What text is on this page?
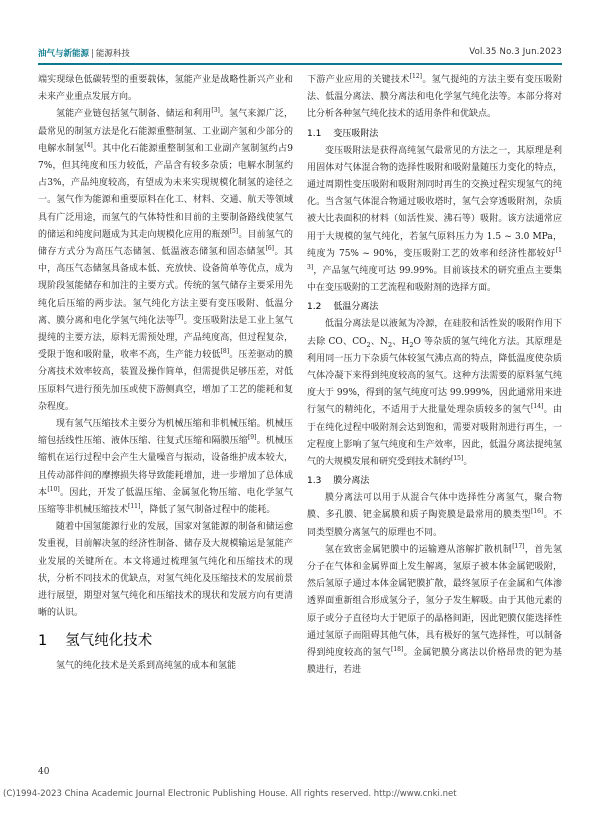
油气与新能源 | 能源科技	Vol.35 No.3 Jun.2023

端实现绿色低碳转型的重要载体，氢能产业是战略性新兴产业和未来产业重点发展方向。

氢能产业链包括氢气制备、储运和利用[3]。氢气来源广泛，最常见的制氢方法是化石能源重整制氢、工业副产氢和少部分的电解水制氢[4]。其中化石能源重整制氢和工业副产氢制氢约占97%，但其纯度和压力较低，产品含有较多杂质；电解水制氢约占3%，产品纯度较高，有望成为未来实现规模化制氢的途径之一。氢气作为能源和重要原料在化工、材料、交通、航天等领域具有广泛用途，而氢气的气体特性和目前的主要制备路线使氢气的储运和纯度问题成为其走向规模化应用的瓶颈[5]。目前氢气的储存方式分为高压气态储氢、低温液态储氢和固态储氢[6]。其中，高压气态储氢具备成本低、充放快、设备简单等优点，成为现阶段氢能储存和加注的主要方式。传统的氢气储存主要采用先纯化后压缩的两步法。氢气纯化方法主要有变压吸附、低温分离、膜分离和电化学氢气纯化法等[7]。变压吸附法是工业上氢气提纯的主要方法，原料无需预处理，产品纯度高，但过程复杂，受限于饱和吸附量，收率不高，生产能力较低[8]。压差驱动的膜分离技术效率较高，装置及操作简单，但需提供足够压差，对低压原料气进行预先加压或使下游侧真空，增加了工艺的能耗和复杂程度。

现有氢气压缩技术主要分为机械压缩和非机械压缩。机械压缩包括线性压缩、液体压缩、往复式压缩和隔膜压缩[9]。机械压缩机在运行过程中会产生大量噪音与振动，设备维护成本较大，且传动部件间的摩擦损失将导致能耗增加，进一步增加了总体成本[10]。因此，开发了低温压缩、金属氢化物压缩、电化学氢气压缩等非机械压缩技术[11]，降低了氢气制备过程中的能耗。

随着中国氢能源行业的发展，国家对氢能源的制备和储运愈发重视，目前解决氢的经济性制备、储存及大规模输运是氢能产业发展的关键所在。本文将通过梳理氢气纯化和压缩技术的现状，分析不同技术的优缺点，对氢气纯化及压缩技术的发展前景进行展望，期望对氢气纯化和压缩技术的现状和发展方向有更清晰的认识。

1 氢气纯化技术

氢气的纯化技术是关系到高纯氢的成本和氢能

下游产业应用的关键技术[12]。氢气提纯的方法主要有变压吸附法、低温分离法、膜分离法和电化学氢气纯化法等。本部分将对比分析各种氢气纯化技术的适用条件和优缺点。

1.1 变压吸附法

变压吸附法是获得高纯氢气最常见的方法之一，其原理是利用固体对气体混合物的选择性吸附和吸附量随压力变化的特点，通过周期性变压吸附和吸附剂同时再生的交换过程实现氢气的纯化。当含氢气体混合物通过吸收塔时，氢气会穿透吸附剂，杂质被大比表面积的材料（如活性炭、沸石等）吸附。该方法通常应用于大规模的氢气纯化，若氢气原料压力为 1.5 ~ 3.0 MPa，纯度为 75% ~ 90%，变压吸附工艺的效率和经济性都较好[13]，产品氢气纯度可达 99.99%。目前该技术的研究重点主要集中在变压吸附的工艺流程和吸附剂的选择方面。

1.2 低温分离法

低温分离法是以液氮为冷源，在硅胶和活性炭的吸附作用下去除 CO、$CO_2$、$N_2$、$H_2O$ 等杂质的氢气纯化方法。其原理是利用同一压力下杂质气体较氢气沸点高的特点，降低温度使杂质气体冷凝下来得到纯度较高的氢气。这种方法需要的原料氢气纯度大于 99%，得到的氢气纯度可达 99.999%，因此通常用来进行氢气的精纯化，不适用于大批量处理杂质较多的氢气[14]。由于在纯化过程中吸附剂会达到饱和，需要对吸附剂进行再生，一定程度上影响了氢气纯度和生产效率，因此，低温分离法提纯氢气的大规模发展和研究受到技术制约[15]。

1.3 膜分离法

膜分离法可以用于从混合气体中选择性分离氢气，聚合物膜、多孔膜、钯金属膜和质子陶瓷膜是最常用的膜类型[16]。不同类型膜分离氢气的原理也不同。

氢在致密金属钯膜中的运输遵从溶解扩散机制[17]，首先氢分子在气体和金属界面上发生解离，氢原子被本体金属钯吸附，然后氢原子通过本体金属钯膜扩散，最终氢原子在金属和气体渗透界面重新组合形成氢分子，氢分子发生解吸。由于其他元素的原子或分子直径均大于钯原子的晶格间距，因此钯膜仅能选择性通过氢原子而阻碍其他气体，具有极好的氢气选择性，可以制备得到纯度较高的氢气[18]。金属钯膜分离法以价格昂贵的钯为基膜进行，若进

40
(C)1994-2023 China Academic Journal Electronic Publishing House. All rights reserved. http://www.cnki.net
